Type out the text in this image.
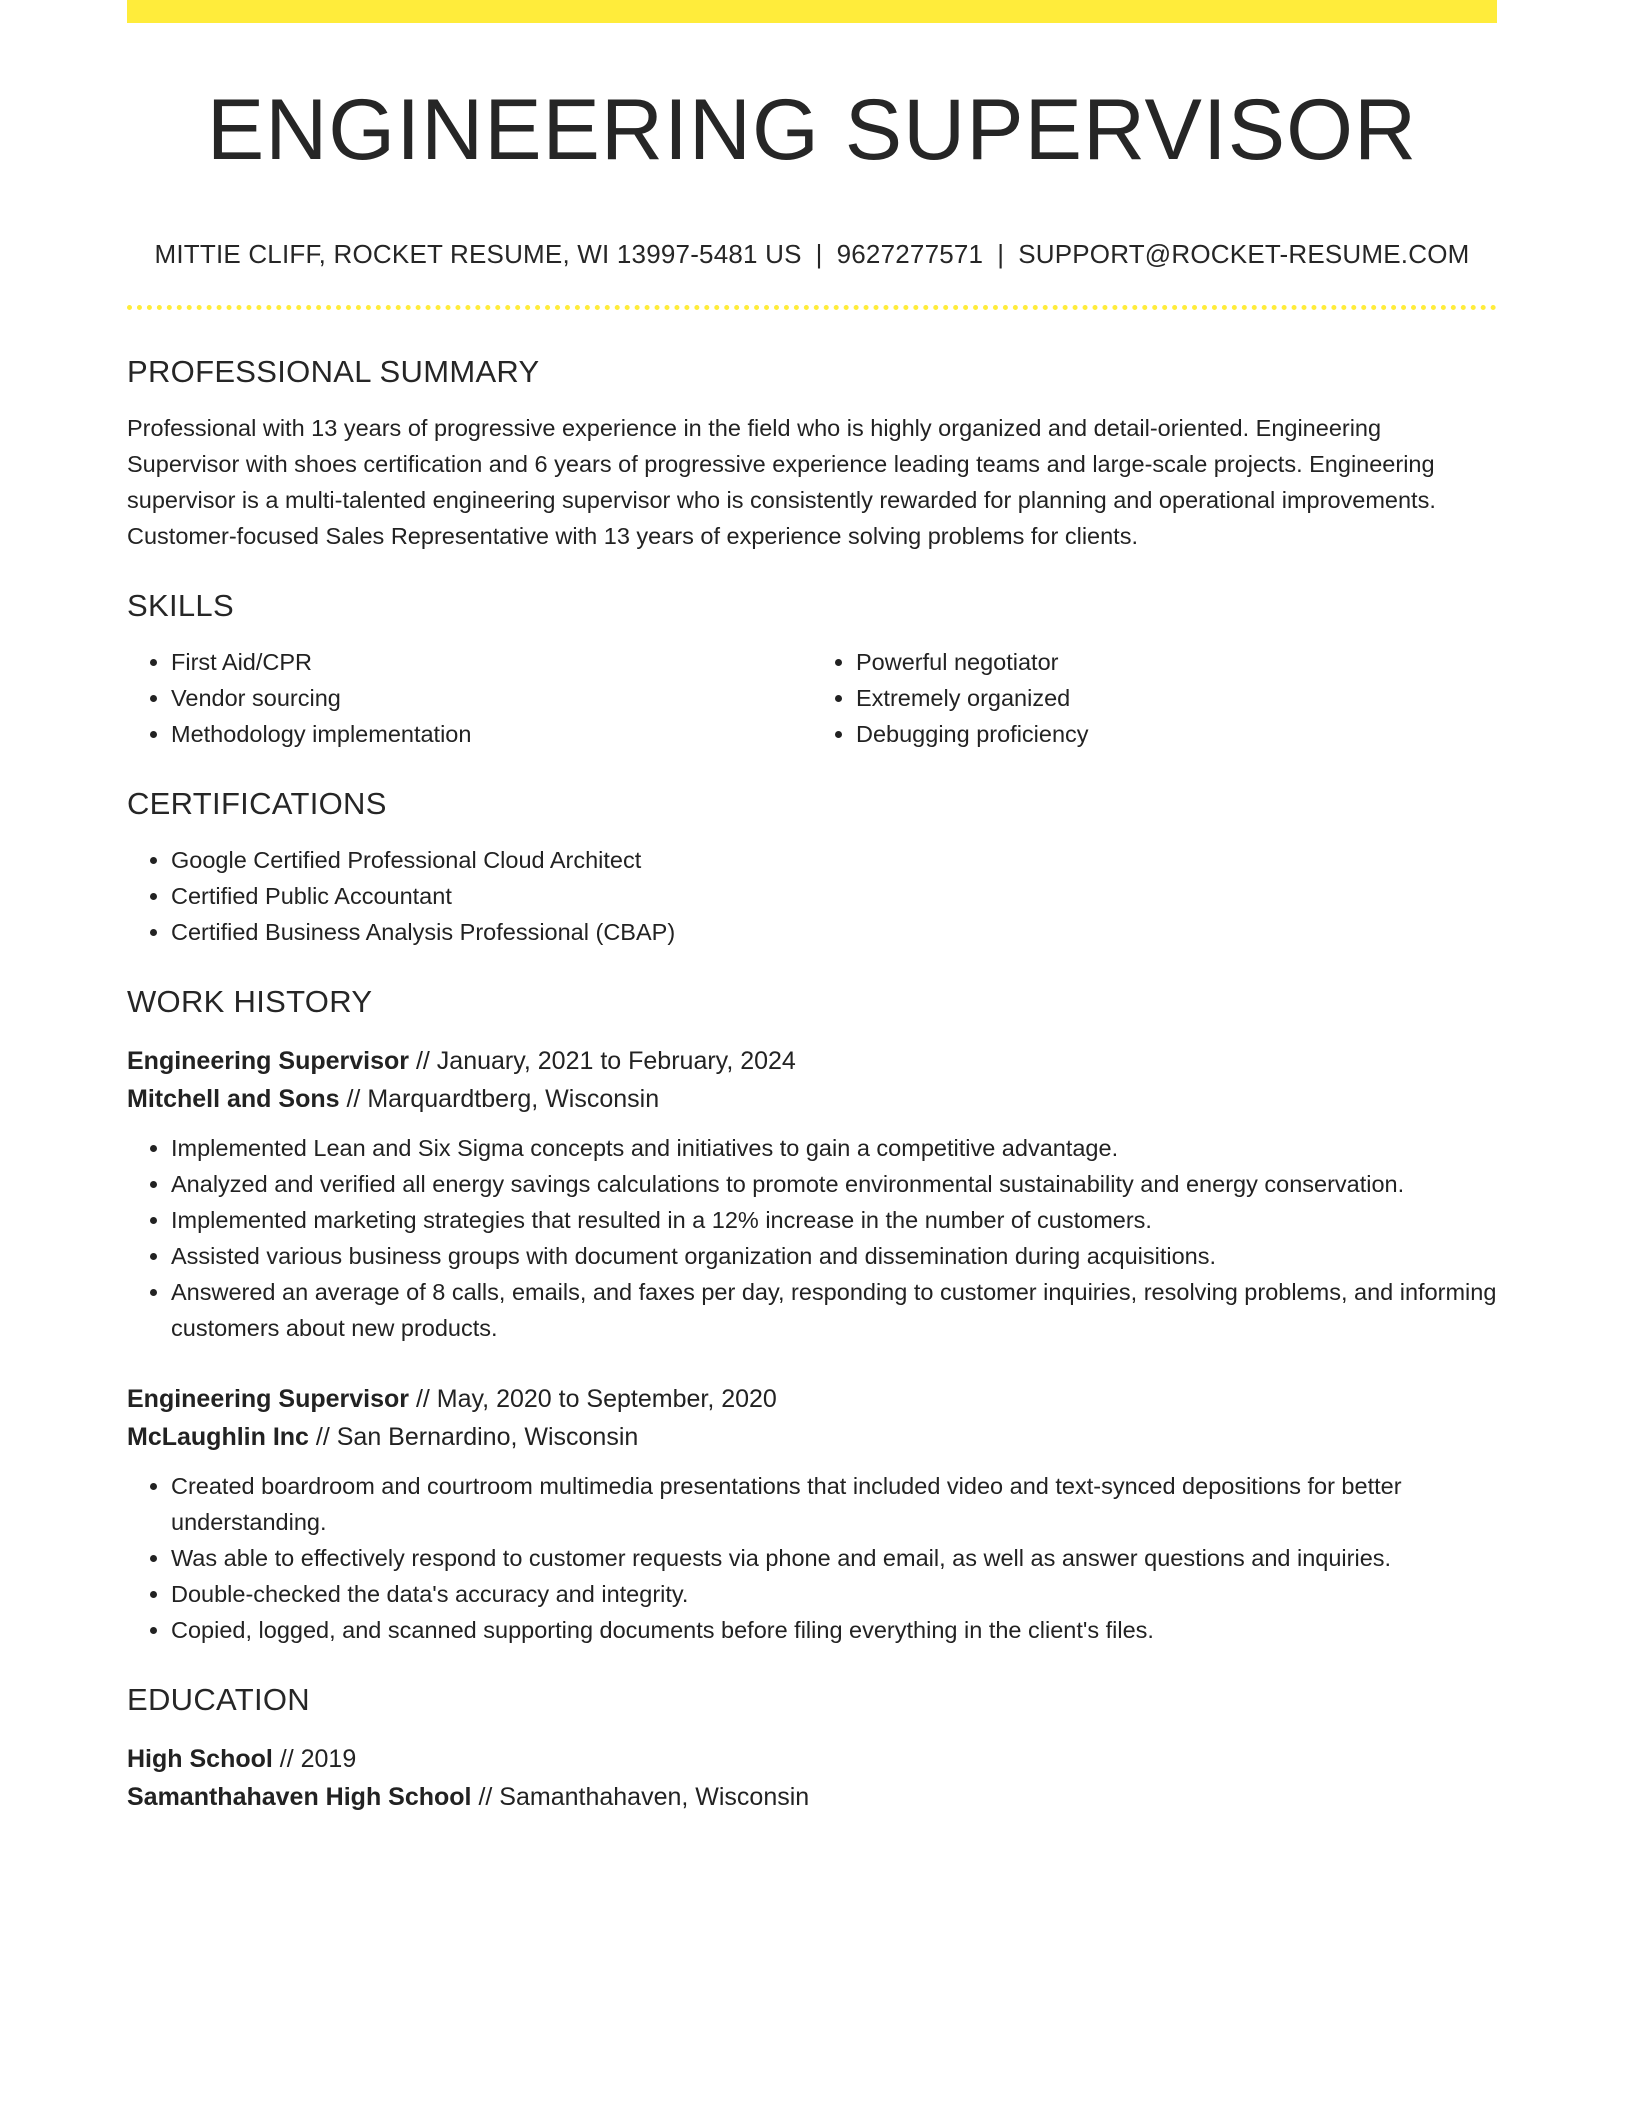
ENGINEERING SUPERVISOR
MITTIE CLIFF, ROCKET RESUME, WI 13997-5481 US | 9627277571 | SUPPORT@ROCKET-RESUME.COM
PROFESSIONAL SUMMARY

Professional with 13 years of progressive experience in the field who is highly organized and detail-oriented. Engineering Supervisor with shoes certification and 6 years of progressive experience leading teams and large-scale projects. Engineering supervisor is a multi-talented engineering supervisor who is consistently rewarded for planning and operational improvements. Customer-focused Sales Representative with 13 years of experience solving problems for clients.

SKILLS
• First Aid/CPR
• Vendor sourcing
• Methodology implementation
• Powerful negotiator
• Extremely organized
• Debugging proficiency
CERTIFICATIONS
• Google Certified Professional Cloud Architect
• Certified Public Accountant
• Certified Business Analysis Professional (CBAP)
WORK HISTORY
Engineering Supervisor // January, 2021 to February, 2024
Mitchell and Sons // Marquardtberg, Wisconsin
• Implemented Lean and Six Sigma concepts and initiatives to gain a competitive advantage.
• Analyzed and verified all energy savings calculations to promote environmental sustainability and energy conservation.
• Implemented marketing strategies that resulted in a 12% increase in the number of customers.
• Assisted various business groups with document organization and dissemination during acquisitions.
• Answered an average of 8 calls, emails, and faxes per day, responding to customer inquiries, resolving problems, and informing customers about new products.
Engineering Supervisor // May, 2020 to September, 2020
McLaughlin Inc // San Bernardino, Wisconsin
• Created boardroom and courtroom multimedia presentations that included video and text-synced depositions for better understanding.
• Was able to effectively respond to customer requests via phone and email, as well as answer questions and inquiries.
• Double-checked the data's accuracy and integrity.
• Copied, logged, and scanned supporting documents before filing everything in the client's files.
EDUCATION
High School // 2019
Samanthahaven High School // Samanthahaven, Wisconsin
